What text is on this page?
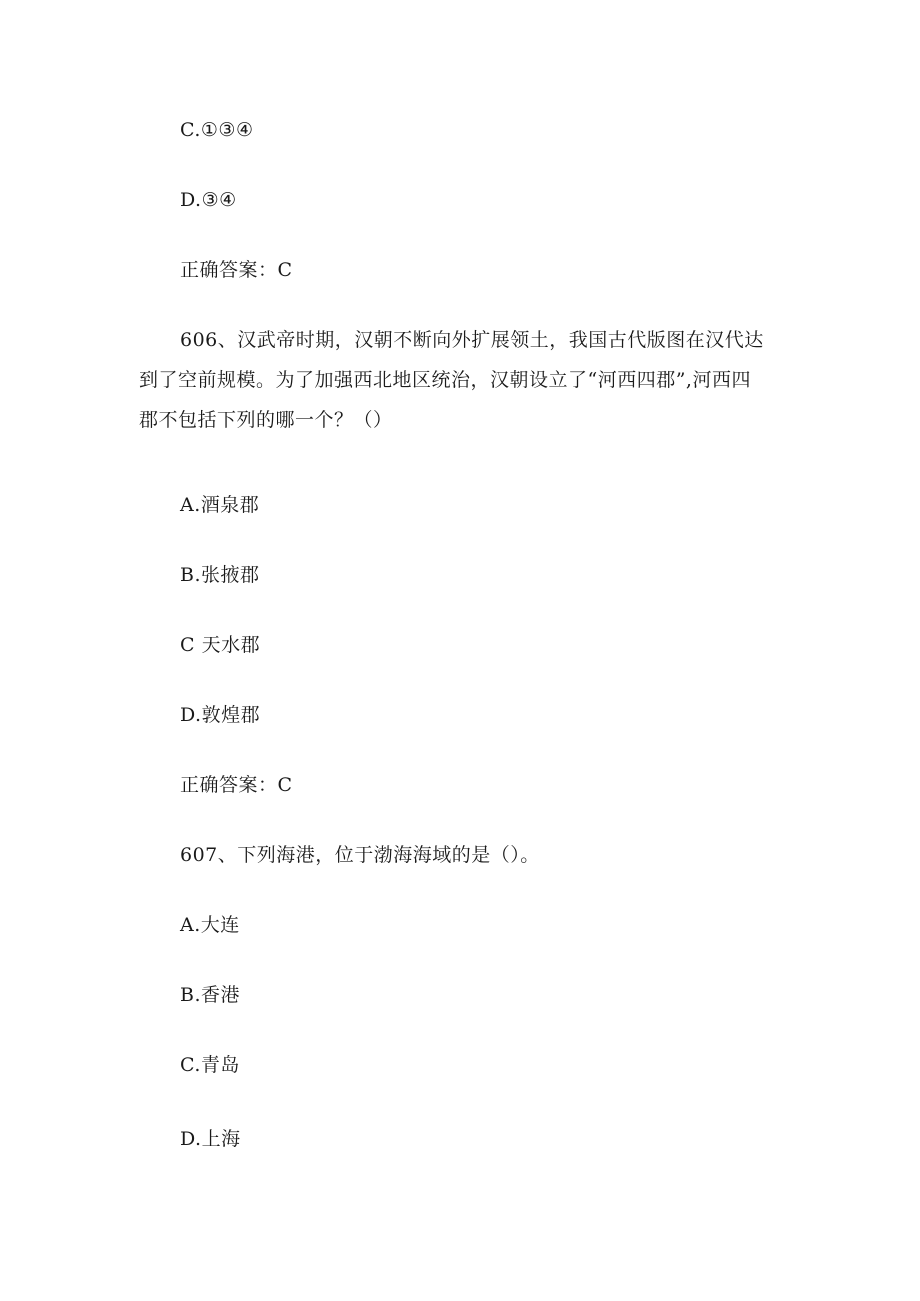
C.①③④
D.③④
正确答案：C
606、汉武帝时期，汉朝不断向外扩展领土，我国古代版图在汉代达
到了空前规模。为了加强西北地区统治，汉朝设立了“河西四郡”,河西四
郡不包括下列的哪一个？（）
A.酒泉郡
B.张掖郡
C 天水郡
D.敦煌郡
正确答案：C
607、下列海港，位于渤海海域的是（）。
A.大连
B.香港
C.青岛
D.上海
